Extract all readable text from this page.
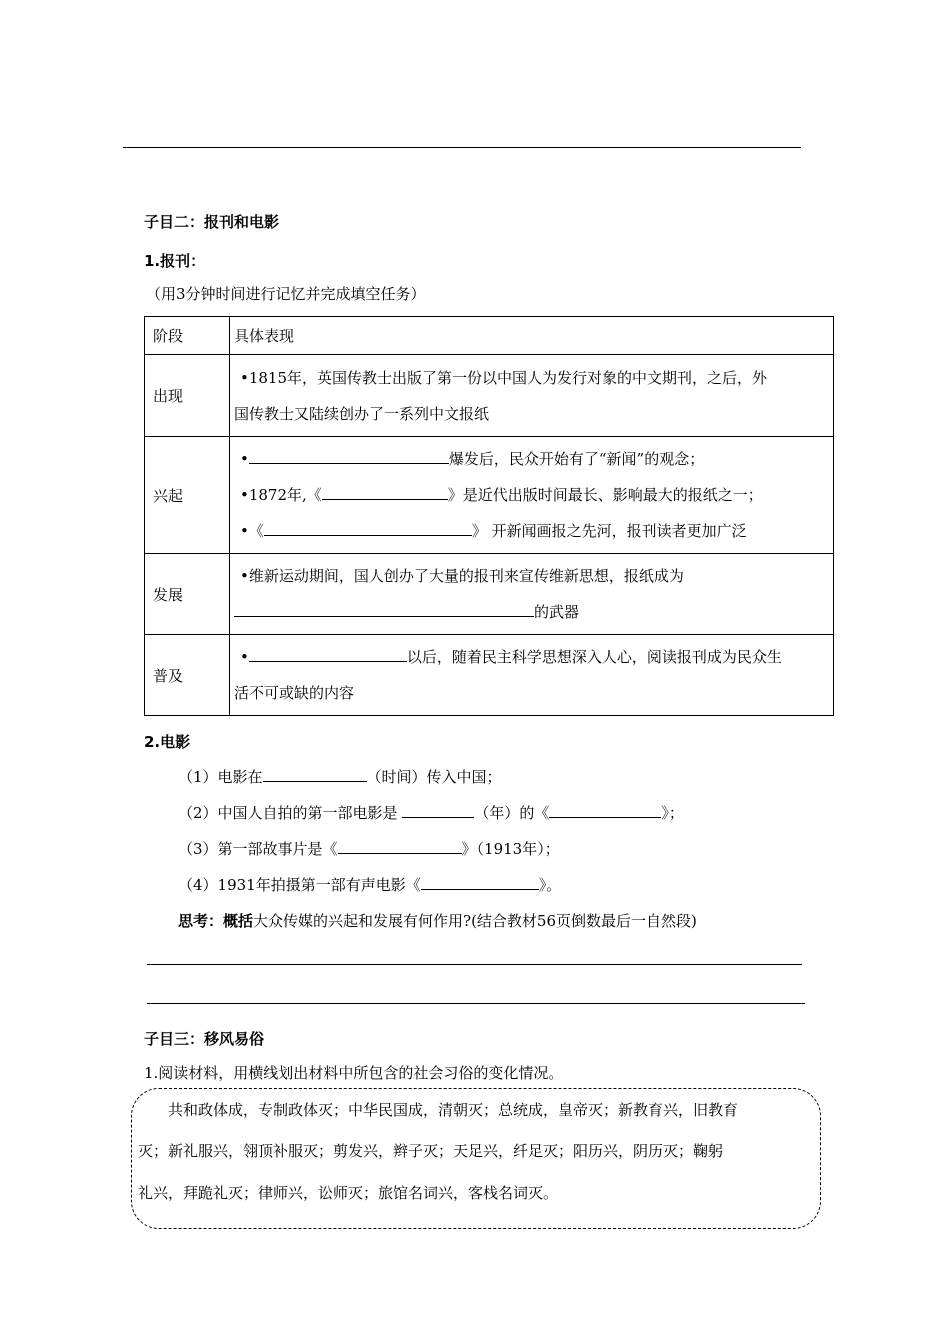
子目二：报刊和电影
1.报刊：
（用3分钟时间进行记忆并完成填空任务）
阶段	具体表现
出现	•1815年，英国传教士出版了第一份以中国人为发行对象的中文期刊，之后，外
国传教士又陆续创办了一系列中文报纸

兴起	• 爆发后，民众开始有了“新闻”的观念；
•1872年,《 》是近代出版时间最长、影响最大的报纸之一；
•《 》 开新闻画报之先河，报刊读者更加广泛

发展	•维新运动期间，国人创办了大量的报刊来宣传维新思想，报纸成为
的武器

普及	• 以后，随着民主科学思想深入人心，阅读报刊成为民众生
活不可或缺的内容
2.电影
（1）电影在	（时间）传入中国；
（2）中国人自拍的第一部电影是	（年）的《	》；
（3）第一部故事片是《	》（1913年）；
（4）1931年拍摄第一部有声电影《	》。
思考：概括大众传媒的兴起和发展有何作用?(结合教材56页倒数最后一自然段)
子目三：移风易俗
1.阅读材料，用横线划出材料中所包含的社会习俗的变化情况。
共和政体成，专制政体灭；中华民国成，清朝灭；总统成，皇帝灭；新教育兴，旧教育
灭；新礼服兴，翎顶补服灭；剪发兴，辫子灭；天足兴，纤足灭；阳历兴，阴历灭；鞠躬
礼兴，拜跪礼灭；律师兴，讼师灭；旅馆名词兴，客栈名词灭。
